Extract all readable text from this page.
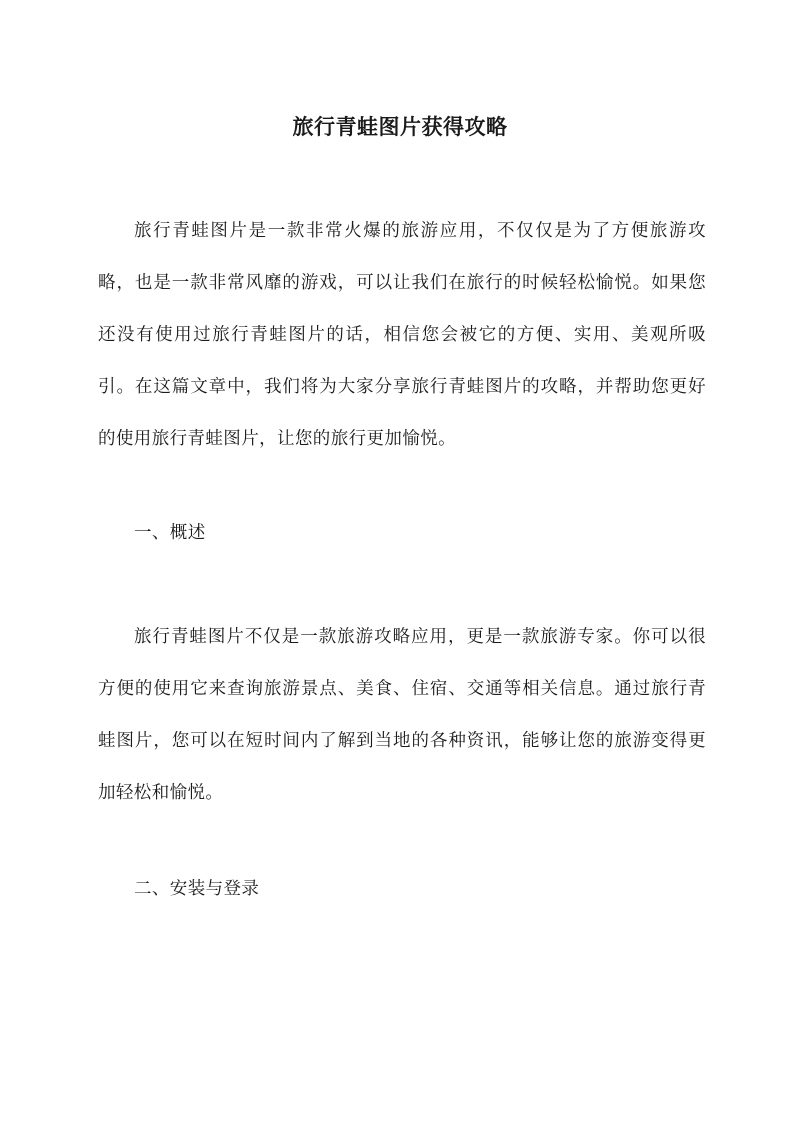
旅行青蛙图片获得攻略

旅行青蛙图片是一款非常火爆的旅游应用，不仅仅是为了方便旅游攻略，也是一款非常风靡的游戏，可以让我们在旅行的时候轻松愉悦。如果您还没有使用过旅行青蛙图片的话，相信您会被它的方便、实用、美观所吸引。在这篇文章中，我们将为大家分享旅行青蛙图片的攻略，并帮助您更好的使用旅行青蛙图片，让您的旅行更加愉悦。

一、概述

旅行青蛙图片不仅是一款旅游攻略应用，更是一款旅游专家。你可以很方便的使用它来查询旅游景点、美食、住宿、交通等相关信息。通过旅行青蛙图片，您可以在短时间内了解到当地的各种资讯，能够让您的旅游变得更加轻松和愉悦。

二、安装与登录
